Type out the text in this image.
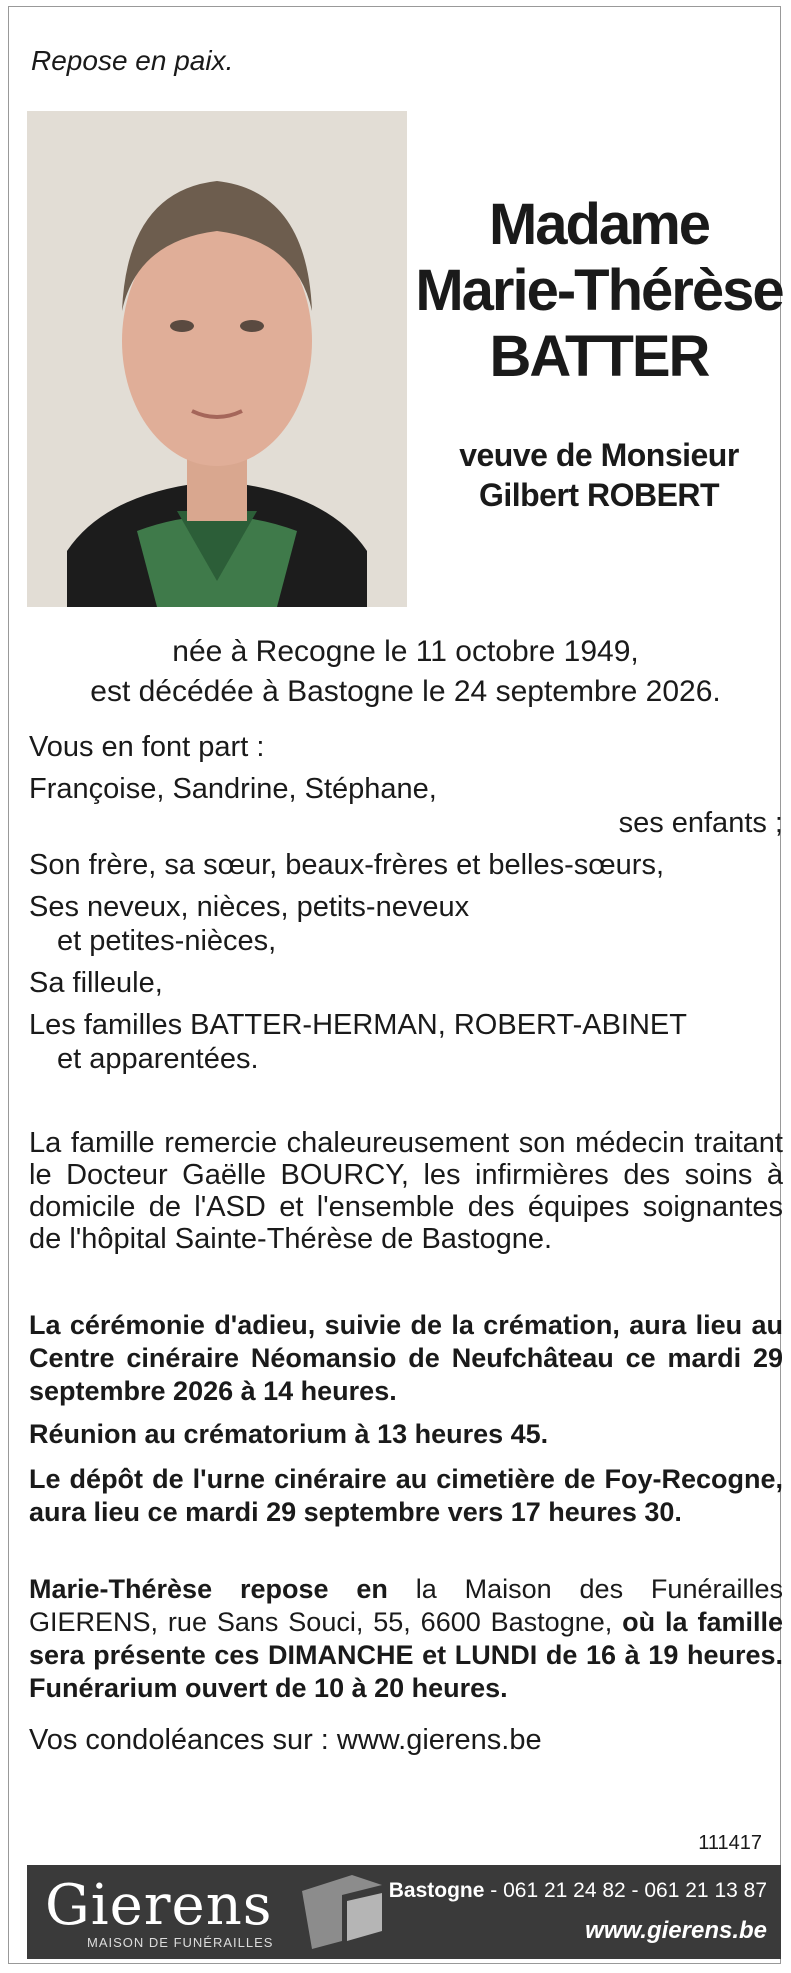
Repose en paix.
Madame
Marie-Thérèse
BATTER
veuve de Monsieur
Gilbert ROBERT
née à Recogne le 11 octobre 1949,
est décédée à Bastogne le 24 septembre 2026.
Vous en font part :
Françoise, Sandrine, Stéphane,
ses enfants ;
Son frère, sa sœur, beaux-frères et belles-sœurs,
Ses neveux, nièces, petits-neveux
et petites-nièces,
Sa filleule,
Les familles BATTER-HERMAN, ROBERT-ABINET
et apparentées.
La famille remercie chaleureusement son médecin traitant le Docteur Gaëlle BOURCY, les infirmières des soins à domicile de l'ASD et l'ensemble des équipes soignantes de l'hôpital Sainte-Thérèse de Bastogne.
La cérémonie d'adieu, suivie de la crémation, aura lieu au Centre cinéraire Néomansio de Neufchâteau ce mardi 29 septembre 2026 à 14 heures.
Réunion au crématorium à 13 heures 45.
Le dépôt de l'urne cinéraire au cimetière de Foy-Recogne, aura lieu ce mardi 29 septembre vers 17 heures 30.
Marie-Thérèse repose en la Maison des Funérailles GIERENS, rue Sans Souci, 55, 6600 Bastogne, où la famille sera présente ces DIMANCHE et LUNDI de 16 à 19 heures. Funérarium ouvert de 10 à 20 heures.
Vos condoléances sur : www.gierens.be
111417
Gierens
MAISON DE FUNÉRAILLES
Bastogne - 061 21 24 82 - 061 21 13 87
www.gierens.be
